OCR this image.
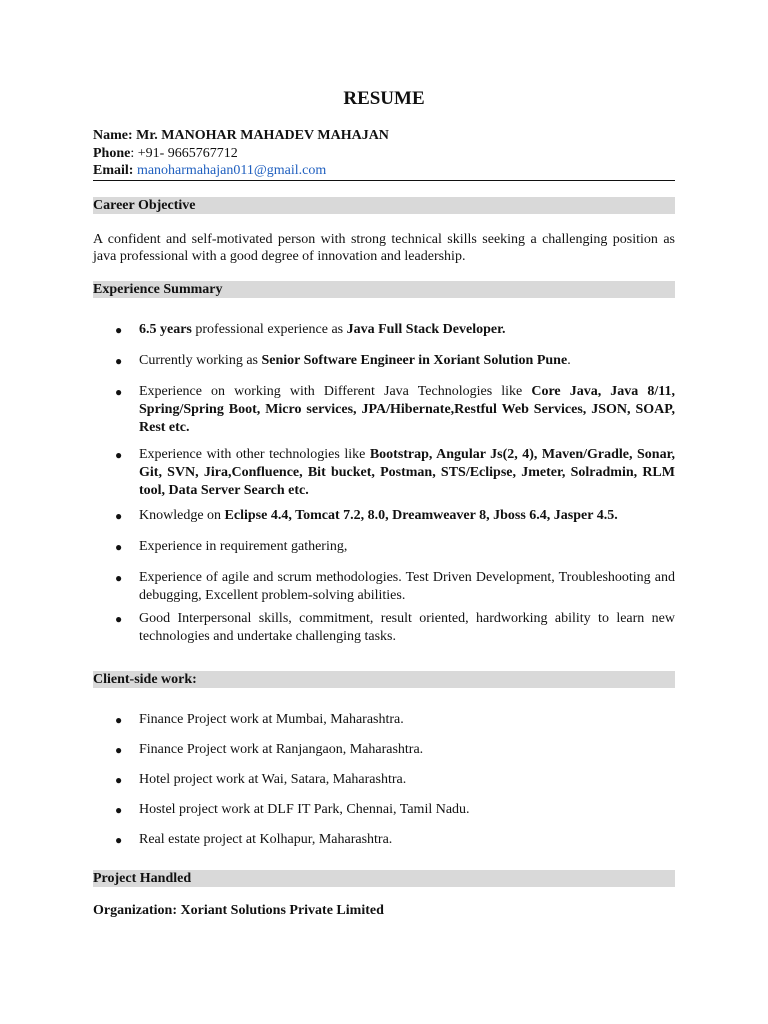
RESUME
Name: Mr. MANOHAR MAHADEV MAHAJAN
Phone: +91- 9665767712
Email: manoharmahajan011@gmail.com
Career Objective
A confident and self-motivated person with strong technical skills seeking a challenging position as java professional with a good degree of innovation and leadership.
Experience Summary
● 6.5 years professional experience as Java Full Stack Developer.
● Currently working as Senior Software Engineer in Xoriant Solution Pune.
● Experience on working with Different Java Technologies like Core Java, Java 8/11, Spring/Spring Boot, Micro services, JPA/Hibernate,Restful Web Services, JSON, SOAP, Rest etc.
● Experience with other technologies like Bootstrap, Angular Js(2, 4), Maven/Gradle, Sonar, Git, SVN, Jira,Confluence, Bit bucket, Postman, STS/Eclipse, Jmeter, Solradmin, RLM tool, Data Server Search etc.
● Knowledge on Eclipse 4.4, Tomcat 7.2, 8.0, Dreamweaver 8, Jboss 6.4, Jasper 4.5.
● Experience in requirement gathering,
● Experience of agile and scrum methodologies. Test Driven Development, Troubleshooting and debugging, Excellent problem-solving abilities.
● Good Interpersonal skills, commitment, result oriented, hardworking ability to learn new technologies and undertake challenging tasks.
Client-side work:
● Finance Project work at Mumbai, Maharashtra.
● Finance Project work at Ranjangaon, Maharashtra.
● Hotel project work at Wai, Satara, Maharashtra.
● Hostel project work at DLF IT Park, Chennai, Tamil Nadu.
● Real estate project at Kolhapur, Maharashtra.
Project Handled
Organization: Xoriant Solutions Private Limited
